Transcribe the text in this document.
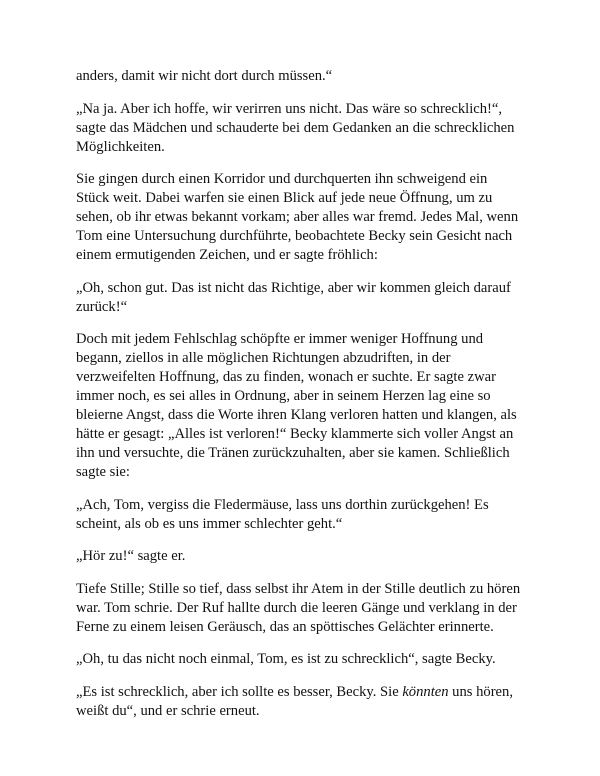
anders, damit wir nicht dort durch müssen.“

„Na ja. Aber ich hoffe, wir verirren uns nicht. Das wäre so schrecklich!“,
sagte das Mädchen und schauderte bei dem Gedanken an die schrecklichen
Möglichkeiten.

Sie gingen durch einen Korridor und durchquerten ihn schweigend ein
Stück weit. Dabei warfen sie einen Blick auf jede neue Öffnung, um zu
sehen, ob ihr etwas bekannt vorkam; aber alles war fremd. Jedes Mal, wenn
Tom eine Untersuchung durchführte, beobachtete Becky sein Gesicht nach
einem ermutigenden Zeichen, und er sagte fröhlich:

„Oh, schon gut. Das ist nicht das Richtige, aber wir kommen gleich darauf
zurück!“

Doch mit jedem Fehlschlag schöpfte er immer weniger Hoffnung und
begann, ziellos in alle möglichen Richtungen abzudriften, in der
verzweifelten Hoffnung, das zu finden, wonach er suchte. Er sagte zwar
immer noch, es sei alles in Ordnung, aber in seinem Herzen lag eine so
bleierne Angst, dass die Worte ihren Klang verloren hatten und klangen, als
hätte er gesagt: „Alles ist verloren!“ Becky klammerte sich voller Angst an
ihn und versuchte, die Tränen zurückzuhalten, aber sie kamen. Schließlich
sagte sie:

„Ach, Tom, vergiss die Fledermäuse, lass uns dorthin zurückgehen! Es
scheint, als ob es uns immer schlechter geht.“

„Hör zu!“ sagte er.

Tiefe Stille; Stille so tief, dass selbst ihr Atem in der Stille deutlich zu hören
war. Tom schrie. Der Ruf hallte durch die leeren Gänge und verklang in der
Ferne zu einem leisen Geräusch, das an spöttisches Gelächter erinnerte.

„Oh, tu das nicht noch einmal, Tom, es ist zu schrecklich“, sagte Becky.

„Es ist schrecklich, aber ich sollte es besser, Becky. Sie könnten uns hören,
weißt du“, und er schrie erneut.
